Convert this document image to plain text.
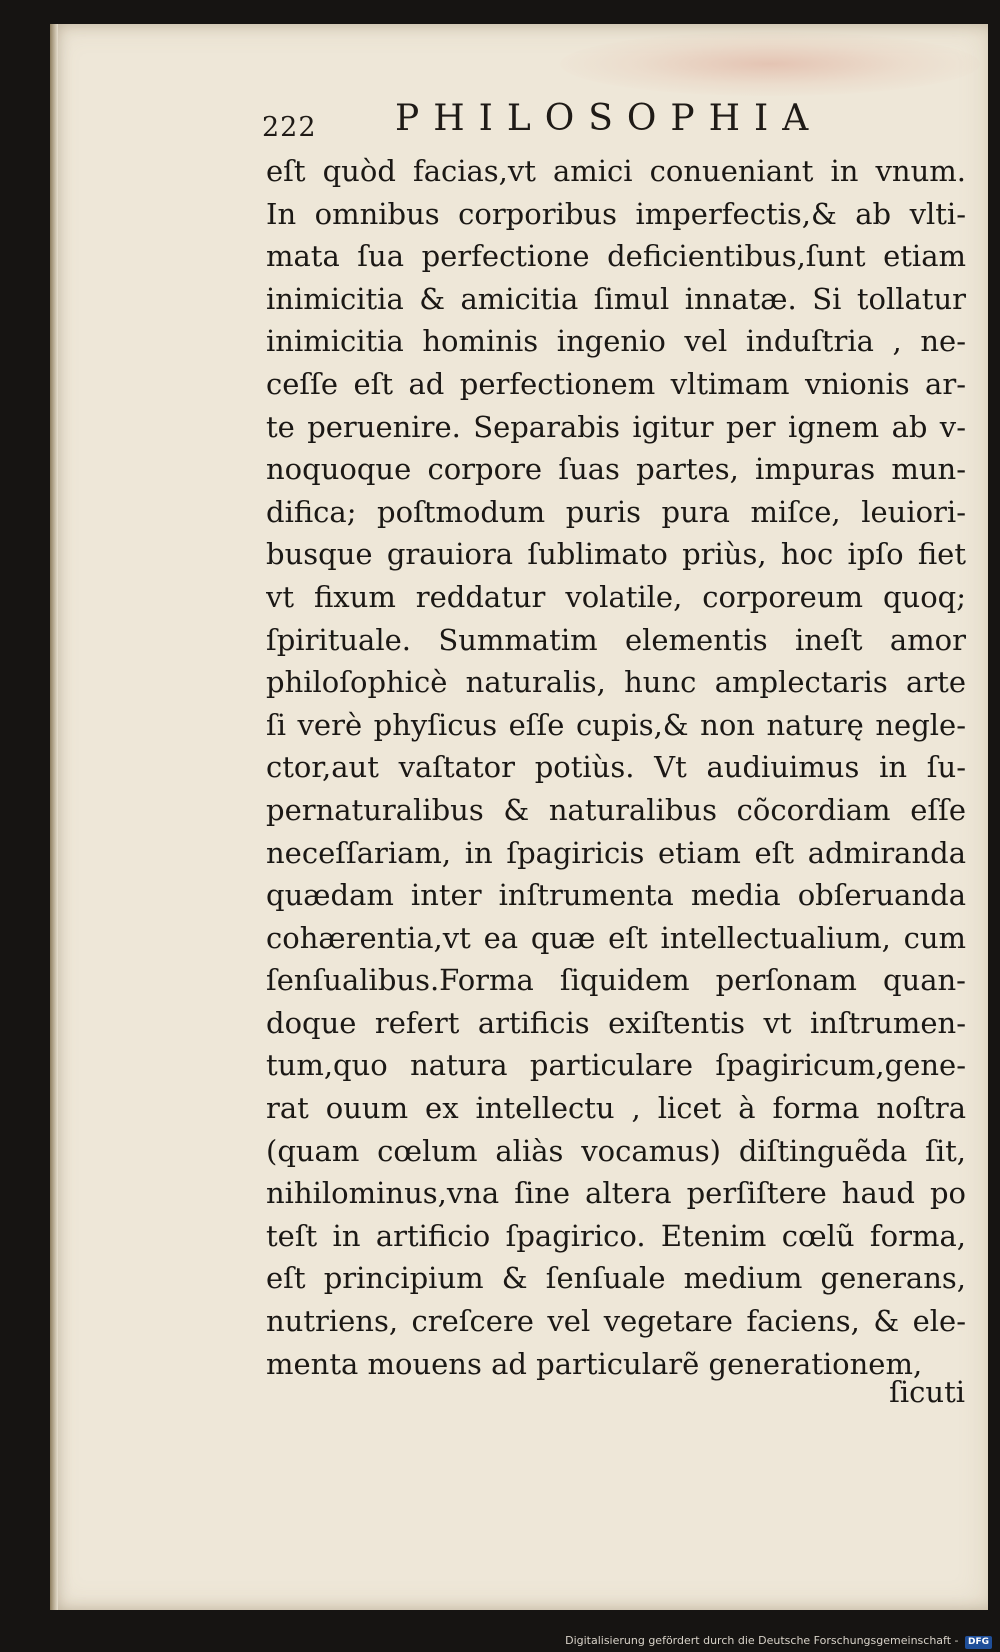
222 PHILOSOPHIA
eſt quòd facias,vt amici conueniant in vnum.
In omnibus corporibus imperfectis,& ab vlti-
mata ſua perfectione deficientibus,ſunt etiam
inimicitia & amicitia ſimul innatæ. Si tollatur
inimicitia hominis ingenio vel induſtria , ne-
ceſſe eſt ad perfectionem vltimam vnionis ar-
te peruenire. Separabis igitur per ignem ab v-
noquoque corpore ſuas partes, impuras mun-
difica; poſtmodum puris pura miſce, leuiori-
busque grauiora ſublimato priùs, hoc ipſo fiet
vt fixum reddatur volatile, corporeum quoq;
ſpirituale. Summatim elementis ineſt amor
philoſophicè naturalis, hunc amplectaris arte
ſi verè phyſicus eſſe cupis,& non naturę negle-
ctor,aut vaſtator potiùs. Vt audiuimus in ſu-
pernaturalibus & naturalibus cõcordiam eſſe
neceſſariam, in ſpagiricis etiam eſt admiranda
quædam inter inſtrumenta media obſeruanda
cohærentia,vt ea quæ eſt intellectualium, cum
ſenſualibus.Forma ſiquidem perſonam quan-
doque refert artificis exiſtentis vt inſtrumen-
tum,quo natura particulare ſpagiricum,gene-
rat ouum ex intellectu , licet à forma noſtra
(quam cœlum aliàs vocamus) diſtinguẽda ſit,
nihilominus,vna ſine altera perſiſtere haud po
teſt in artificio ſpagirico. Etenim cœlũ forma,
eſt principium & ſenſuale medium generans,
nutriens, creſcere vel vegetare faciens, & ele-
menta mouens ad particularẽ generationem,
ſicuti
Digitalisierung gefördert durch die Deutsche Forschungsgemeinschaft - DFG
